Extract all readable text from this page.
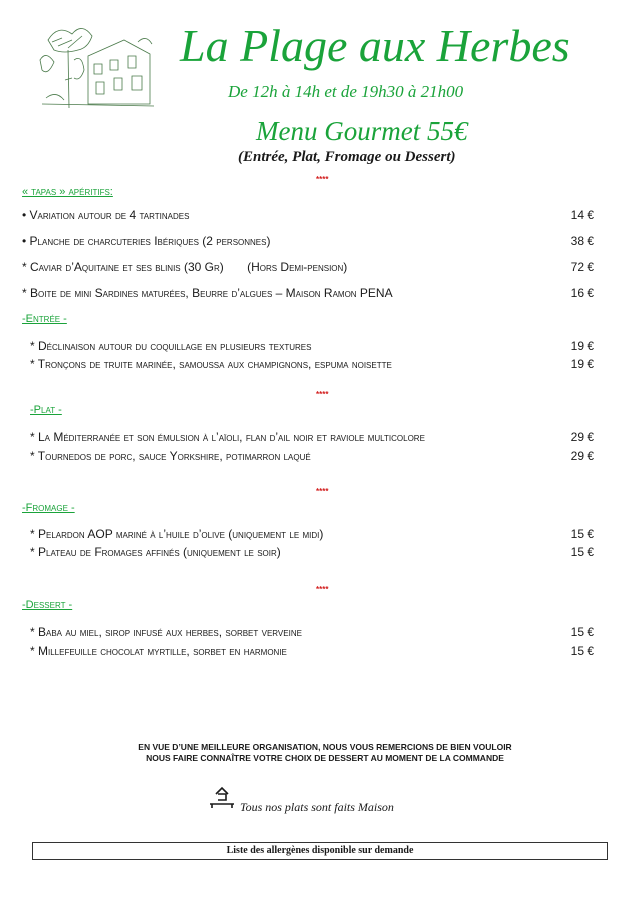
La Plage aux Herbes
De 12h à 14h et de 19h30 à 21h00
Menu Gourmet 55€
(Entrée, Plat, Fromage ou Dessert)
****
« tapas » apéritifs:
• Variation autour de 4 tartinades	14 €
• Planche de charcuteries Ibériques (2 personnes)	38 €
* Caviar d’Aquitaine et ses blinis (30 Gr)       (Hors Demi-pension)	72 €
* Boite de mini Sardines maturées, Beurre d’algues – Maison Ramon PENA	16 €
-Entrée -
* Déclinaison autour du coquillage en plusieurs textures	19 €
* Tronçons de truite marinée, samoussa aux champignons, espuma noisette	19 €
****
-Plat -
* La Méditerranée et son émulsion à l’aïoli, flan d’ail noir et raviole multicolore	29 €
* Tournedos de porc, sauce Yorkshire, potimarron laqué	29 €
****
-Fromage -
* Pelardon AOP mariné à l’huile d’olive (uniquement le midi)	15 €
* Plateau de Fromages affinés (uniquement le soir)	15 €
****
-Dessert -
* Baba au miel, sirop infusé aux herbes, sorbet verveine	15 €
* Millefeuille chocolat myrtille, sorbet en harmonie	15 €
EN VUE D’UNE MEILLEURE ORGANISATION, NOUS VOUS REMERCIONS DE BIEN VOULOIR NOUS FAIRE CONNAÎTRE VOTRE CHOIX DE DESSERT AU MOMENT DE LA COMMANDE
Tous nos plats sont faits Maison
Liste des allergènes disponible sur demande
